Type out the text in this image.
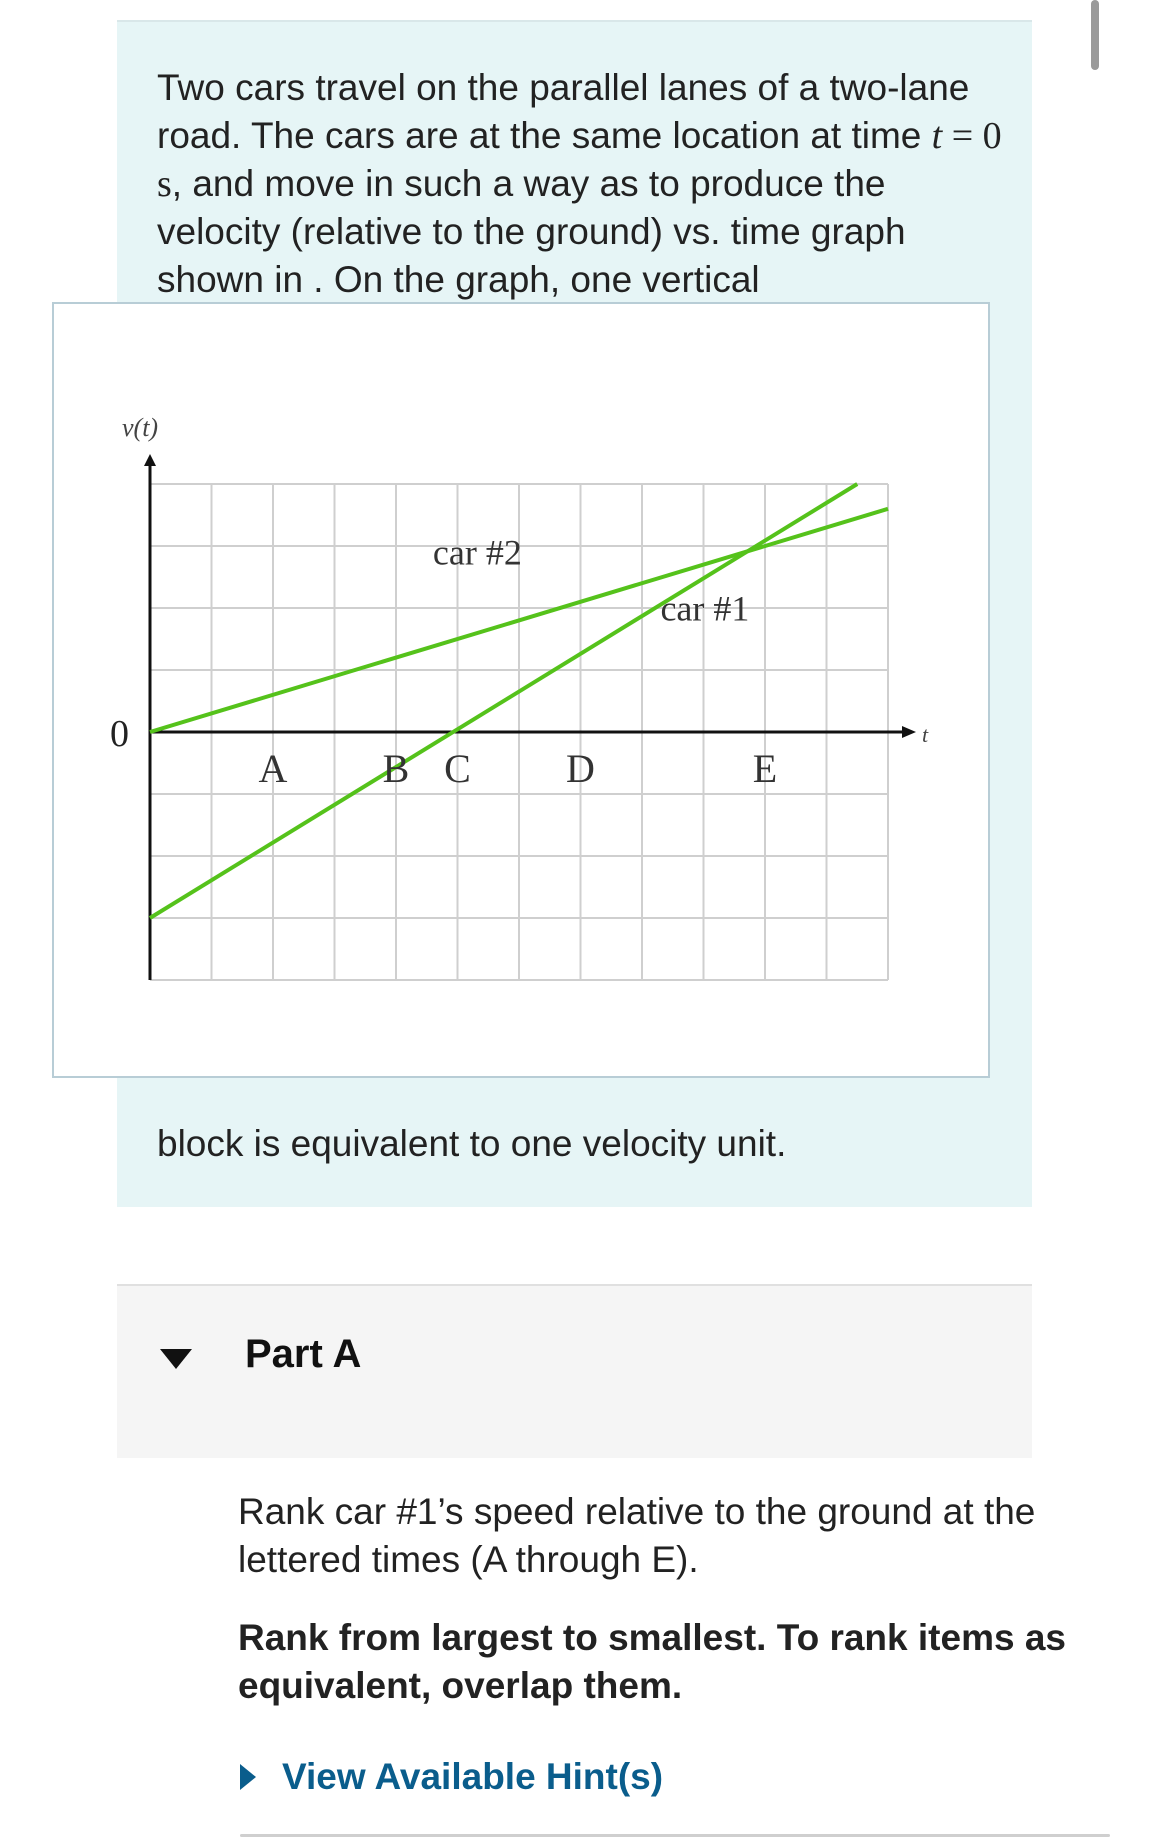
Two cars travel on the parallel lanes of a two-lane road. The cars are at the same location at time t = 0 s, and move in such a way as to produce the velocity (relative to the ground) vs. time graph shown in . On the graph, one vertical
v(t)
t
0
car #2
car #1
A B C D	E
block is equivalent to one velocity unit.
Part A
Rank car #1’s speed relative to the ground at the lettered times (A through E).
Rank from largest to smallest. To rank items as equivalent, overlap them.
View Available Hint(s)
